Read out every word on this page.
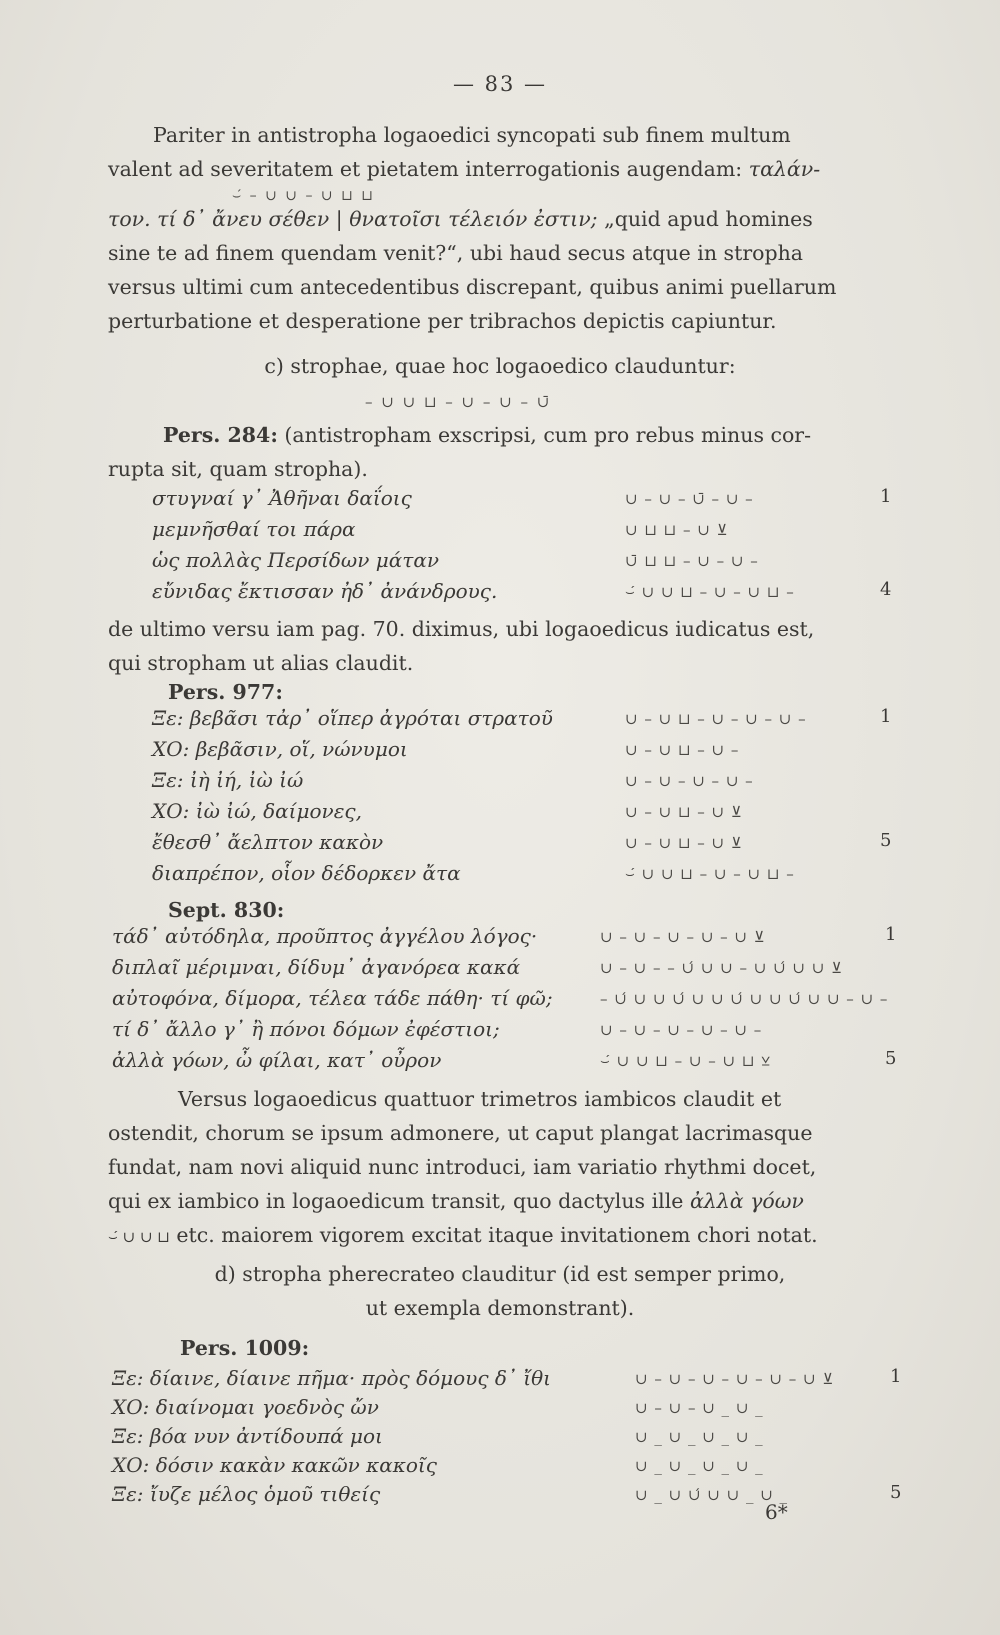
— 83 —
Pariter in antistropha logaoedici syncopati sub finem multum
valent ad severitatem et pietatem interrogationis augendam: ταλάν-
⌣́ – ∪ ∪ – ∪ ⊔ ⊔
τον. τί δ᾽ ἄνευ σέθεν | θνατοῖσι τέλειόν ἐστιν; „quid apud homines
sine te ad finem quendam venit?“, ubi haud secus atque in stropha
versus ultimi cum antecedentibus discrepant, quibus animi puellarum
perturbatione et desperatione per tribrachos depictis capiuntur.
c) strophae, quae hoc logaoedico clauduntur:
– ∪ ∪ ⊔ – ∪ – ∪ – ∪̄
Pers. 284: (antistropham exscripsi, cum pro rebus minus cor-
rupta sit, quam stropha).
στυγναί γ᾽ Ἀθῆναι δαΐοις	∪ – ∪ – ∪̄ – ∪ –	1
μεμνῆσθαί τοι πάρα	∪ ⊔ ⊔ – ∪ ⊻
ὡς πολλὰς Περσίδων μάταν	∪̄ ⊔ ⊔ – ∪ – ∪ –
εὔνιδας ἔκτισσαν ἠδ᾽ ἀνάνδρους.	⌣́ ∪ ∪ ⊔ – ∪ – ∪ ⊔ –	4
de ultimo versu iam pag. 70. diximus, ubi logaoedicus iudicatus est,
qui stropham ut alias claudit.
Pers. 977:
Ξε: βεβᾶσι τἀρ᾽ οἵπερ ἀγρόται στρατοῦ	∪ – ∪ ⊔ – ∪ – ∪ – ∪ –	1
ΧΟ: βεβᾶσιν, οἵ, νώνυμοι	∪ – ∪ ⊔ – ∪ –
Ξε: ἰὴ ἰή, ἰὼ ἰώ	∪ – ∪ – ∪ – ∪ –
ΧΟ: ἰὼ ἰώ, δαίμονες,	∪ – ∪ ⊔ – ∪ ⊻
ἔθεσθ᾽ ἄελπτον κακὸν	∪ – ∪ ⊔ – ∪ ⊻	5
διαπρέπον, οἷον δέδορκεν ἄτα	⌣́ ∪ ∪ ⊔ – ∪ – ∪ ⊔ –
Sept. 830:
τάδ᾽ αὐτόδηλα, προῦπτος ἀγγέλου λόγος·	∪ – ∪ – ∪ – ∪ – ∪ ⊻	1
διπλαῖ μέριμναι, δίδυμ᾽ ἀγανόρεα κακά	∪ – ∪ – – ∪́ ∪ ∪ – ∪ ∪́ ∪ ∪ ⊻
αὐτοφόνα, δίμορα, τέλεα τάδε πάθη· τί φῶ;	– ∪́ ∪ ∪ ∪́ ∪ ∪ ∪́ ∪ ∪ ∪́ ∪ ∪ – ∪ –
τί δ᾽ ἄλλο γ᾽ ἢ πόνοι δόμων ἐφέστιοι;	∪ – ∪ – ∪ – ∪ – ∪ –
ἀλλὰ γόων, ὦ φίλαι, κατ᾽ οὖρον	⌣́ ∪ ∪ ⊔ – ∪ – ∪ ⊔ ⊻	5
Versus logaoedicus quattuor trimetros iambicos claudit et
ostendit, chorum se ipsum admonere, ut caput plangat lacrimasque
fundat, nam novi aliquid nunc introduci, iam variatio rhythmi docet,
qui ex iambico in logaoedicum transit, quo dactylus ille ἀλλὰ γόων
⌣́ ∪ ∪ ⊔ etc. maiorem vigorem excitat itaque invitationem chori notat.
d) stropha pherecrateo clauditur (id est semper primo,
ut exempla demonstrant).
Pers. 1009:
Ξε: δίαινε, δίαινε πῆμα· πρὸς δόμους δ᾽ ἴθι	∪ – ∪ – ∪ – ∪ – ∪ – ∪ ⊻	1
ΧΟ: διαίνομαι γοεδνὸς ὤν	∪ – ∪ – ∪ _ ∪ _
Ξε: βόα νυν ἀντίδουπά μοι	∪ _ ∪ _ ∪ _ ∪ _
ΧΟ: δόσιν κακὰν κακῶν κακοῖς	∪ _ ∪ _ ∪ _ ∪ _
Ξε: ἴυζε μέλος ὁμοῦ τιθείς	∪ _ ∪ ∪́ ∪ ∪ _ ∪ _	5
6*
